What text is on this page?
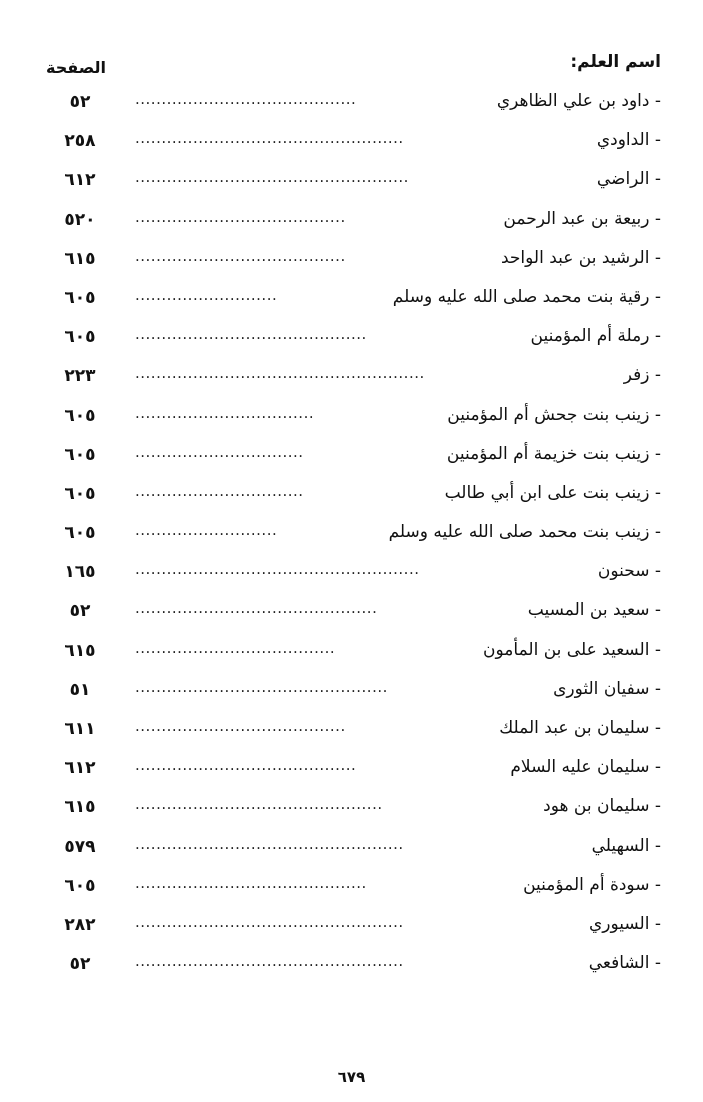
اسم العلم:
الصفحة
- داود بن علي الظاهري
..........................................
٥٢
- الداودي
...................................................
٢٥٨
- الراضي
....................................................
٦١٢
- ربيعة بن عبد الرحمن
........................................
٥٢٠
- الرشيد بن عبد الواحد
........................................
٦١٥
- رقية بنت محمد صلى الله عليه وسلم
...........................
٦٠٥
- رملة أم المؤمنين
............................................
٦٠٥
- زفر
.......................................................
٢٢٣
- زينب بنت جحش أم المؤمنين
..................................
٦٠٥
- زينب بنت خزيمة أم المؤمنين
................................
٦٠٥
- زينب بنت على ابن أبي طالب
................................
٦٠٥
- زينب بنت محمد صلى الله عليه وسلم
...........................
٦٠٥
- سحنون
......................................................
١٦٥
- سعيد بن المسيب
..............................................
٥٢
- السعيد على بن المأمون
......................................
٦١٥
- سفيان الثورى
................................................
٥١
- سليمان بن عبد الملك
........................................
٦١١
- سليمان عليه السلام
..........................................
٦١٢
- سليمان بن هود
...............................................
٦١٥
- السهيلي
...................................................
٥٧٩
- سودة أم المؤمنين
............................................
٦٠٥
- السيوري
...................................................
٢٨٢
- الشافعي
...................................................
٥٢
٦٧٩
